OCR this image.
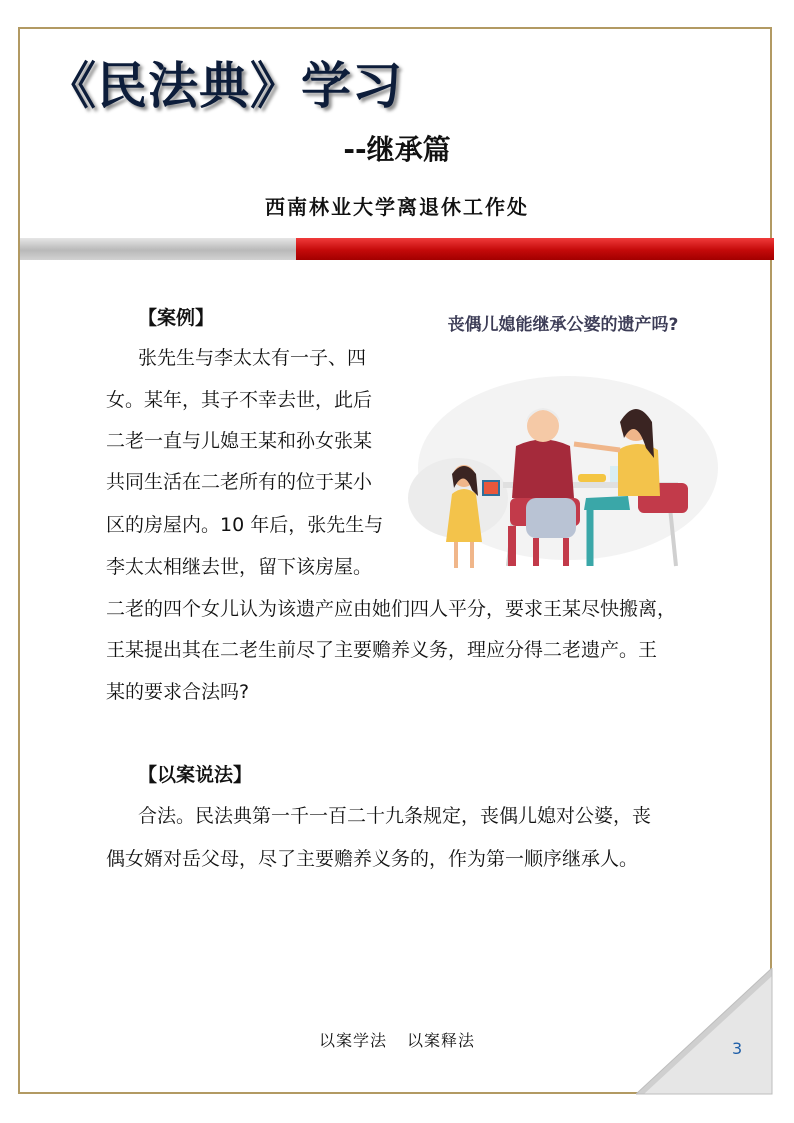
《民法典》学习
--继承篇
西南林业大学离退休工作处
【案例】
张先生与李太太有一子、四
女。某年，其子不幸去世，此后
二老一直与儿媳王某和孙女张某
共同生活在二老所有的位于某小
区的房屋内。10 年后，张先生与
李太太相继去世，留下该房屋。
二老的四个女儿认为该遗产应由她们四人平分，要求王某尽快搬离，
王某提出其在二老生前尽了主要赡养义务，理应分得二老遗产。王
某的要求合法吗?
丧偶儿媳能继承公婆的遗产吗?
【以案说法】
合法。民法典第一千一百二十九条规定，丧偶儿媳对公婆，丧
偶女婿对岳父母，尽了主要赡养义务的，作为第一顺序继承人。
以案学法 以案释法	3
